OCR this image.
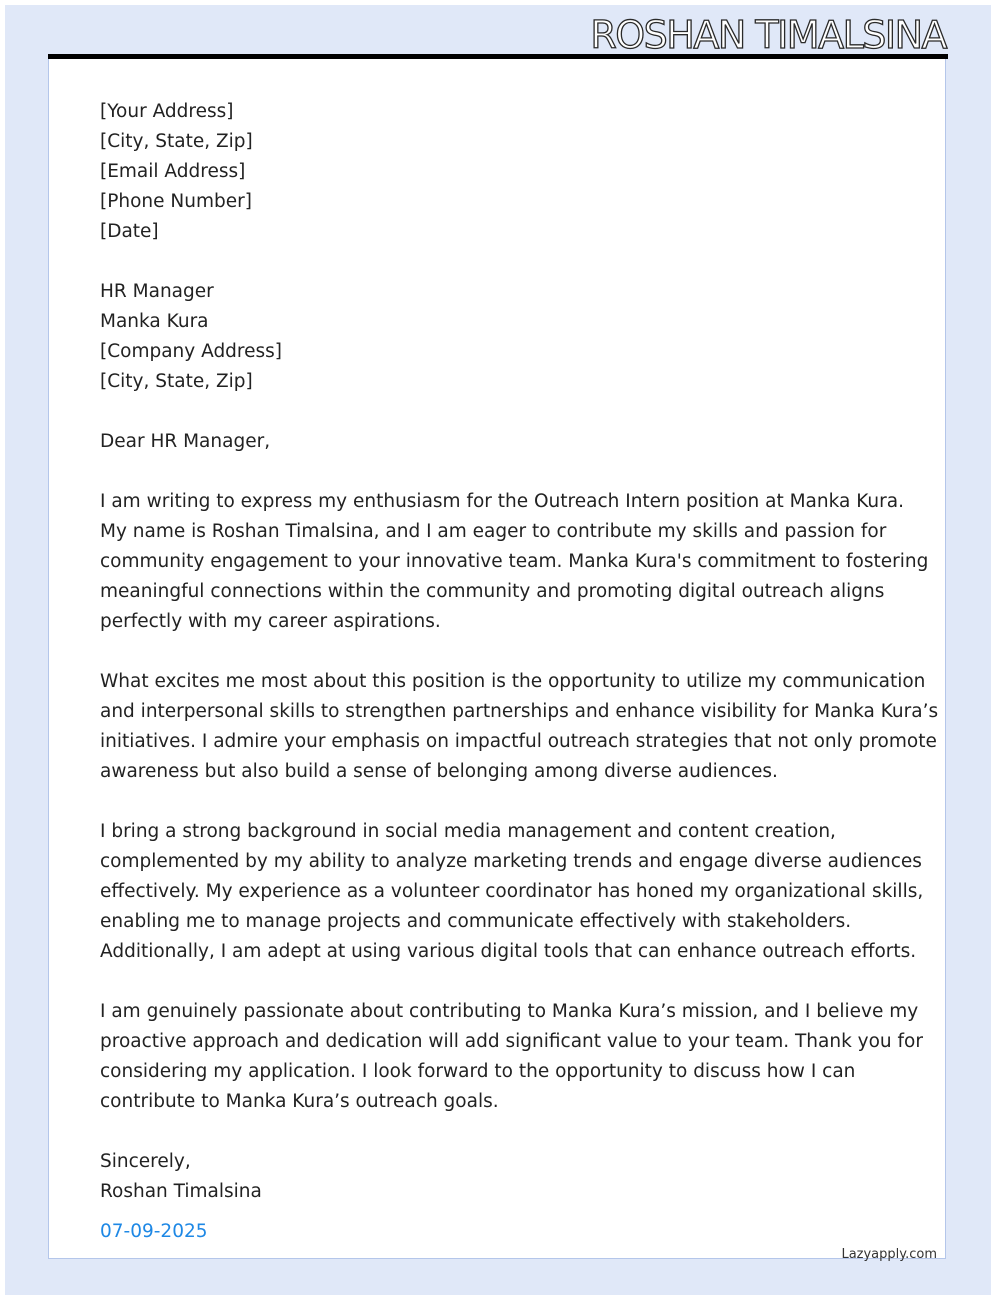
ROSHAN TIMALSINA
[Your Address]
[City, State, Zip]
[Email Address]
[Phone Number]
[Date]
HR Manager
Manka Kura
[Company Address]
[City, State, Zip]
Dear HR Manager,
I am writing to express my enthusiasm for the Outreach Intern position at Manka Kura.
My name is Roshan Timalsina, and I am eager to contribute my skills and passion for
community engagement to your innovative team. Manka Kura's commitment to fostering
meaningful connections within the community and promoting digital outreach aligns
perfectly with my career aspirations.
What excites me most about this position is the opportunity to utilize my communication
and interpersonal skills to strengthen partnerships and enhance visibility for Manka Kura’s
initiatives. I admire your emphasis on impactful outreach strategies that not only promote
awareness but also build a sense of belonging among diverse audiences.
I bring a strong background in social media management and content creation,
complemented by my ability to analyze marketing trends and engage diverse audiences
effectively. My experience as a volunteer coordinator has honed my organizational skills,
enabling me to manage projects and communicate effectively with stakeholders.
Additionally, I am adept at using various digital tools that can enhance outreach efforts.
I am genuinely passionate about contributing to Manka Kura’s mission, and I believe my
proactive approach and dedication will add significant value to your team. Thank you for
considering my application. I look forward to the opportunity to discuss how I can
contribute to Manka Kura’s outreach goals.
Sincerely,
Roshan Timalsina
07-09-2025
Lazyapply.com
